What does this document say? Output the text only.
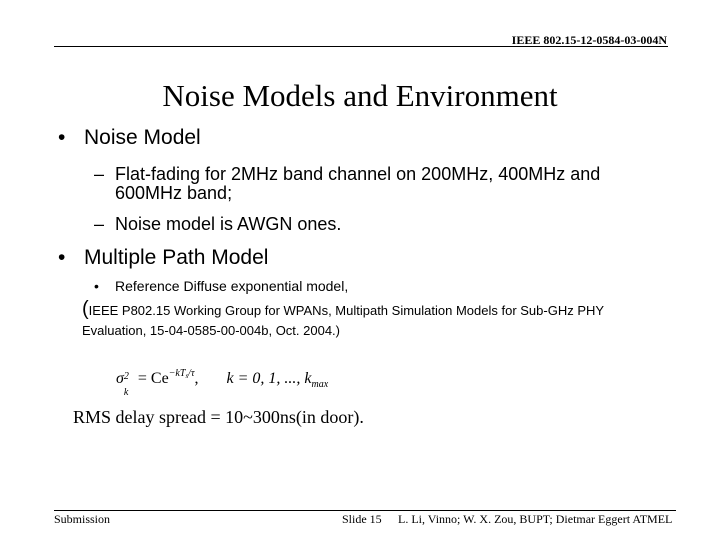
IEEE 802.15-12-0584-03-004N
Noise Models and Environment
• Noise Model
– Flat-fading for 2MHz band channel on 200MHz, 400MHz and
600MHz band;
– Noise model is AWGN ones.
• Multiple Path Model
• Reference Diffuse exponential model,
(IEEE P802.15 Working Group for WPANs, Multipath Simulation Models for Sub-GHz PHY
Evaluation, 15-04-0585-00-004b, Oct. 2004.)
σ 2
k
= $Ce^{-kTs/\tau}$, k = 0, 1, ..., $k_{max}$
RMS delay spread = 10~300ns(in door).
Submission	Slide 15 L. Li, Vinno; W. X. Zou, BUPT; Dietmar Eggert ATMEL
